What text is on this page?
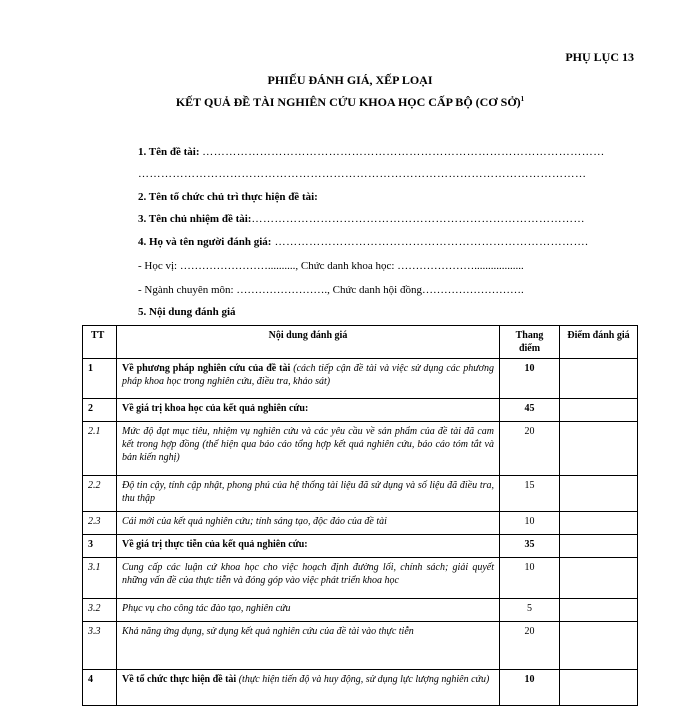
PHỤ LỤC 13
PHIẾU ĐÁNH GIÁ, XẾP LOẠI
KẾT QUẢ ĐỀ TÀI NGHIÊN CỨU KHOA HỌC CẤP BỘ (CƠ SỞ)$^1$
1. Tên đề tài: ……………………………………………………………………………………………
………………………………………………………………………………………………………
2. Tên tổ chức chủ trì thực hiện đề tài:
3. Tên chủ nhiệm đề tài:……………………………………………………………………………
4. Họ và tên người đánh giá: ……………………………………………………………………….
- Học vị: …………………….........., Chức danh khoa học: …………………..................
- Ngành chuyên môn: ……………………., Chức danh hội đồng……………………….
5. Nội dung đánh giá
TT	Nội dung đánh giá	Thang điểm	Điểm đánh giá
1	Về phương pháp nghiên cứu của đề tài (cách tiếp cận đề tài và việc sử dụng các phương pháp khoa học trong nghiên cứu, điều tra, khảo sát)	10	
2	Về giá trị khoa học của kết quả nghiên cứu:	45	
2.1	Mức độ đạt mục tiêu, nhiệm vụ nghiên cứu và các yêu cầu về sản phẩm của đề tài đã cam kết trong hợp đồng (thể hiện qua báo cáo tổng hợp kết quả nghiên cứu, báo cáo tóm tắt và bản kiến nghị)	20	
2.2	Độ tin cậy, tính cập nhật, phong phú của hệ thống tài liệu đã sử dụng và số liệu đã điều tra, thu thập	15	
2.3	Cái mới của kết quả nghiên cứu; tính sáng tạo, độc đáo của đề tài	10	
3	Về giá trị thực tiễn của kết quả nghiên cứu:	35	
3.1	Cung cấp các luận cứ khoa học cho việc hoạch định đường lối, chính sách; giải quyết những vấn đề của thực tiễn và đóng góp vào việc phát triển khoa học	10	
3.2	Phục vụ cho công tác đào tạo, nghiên cứu	5	
3.3	Khả năng ứng dụng, sử dụng kết quả nghiên cứu của đề tài vào thực tiễn	20	
4	Về tổ chức thực hiện đề tài (thực hiện tiến độ và huy động, sử dụng lực lượng nghiên cứu)	10	
